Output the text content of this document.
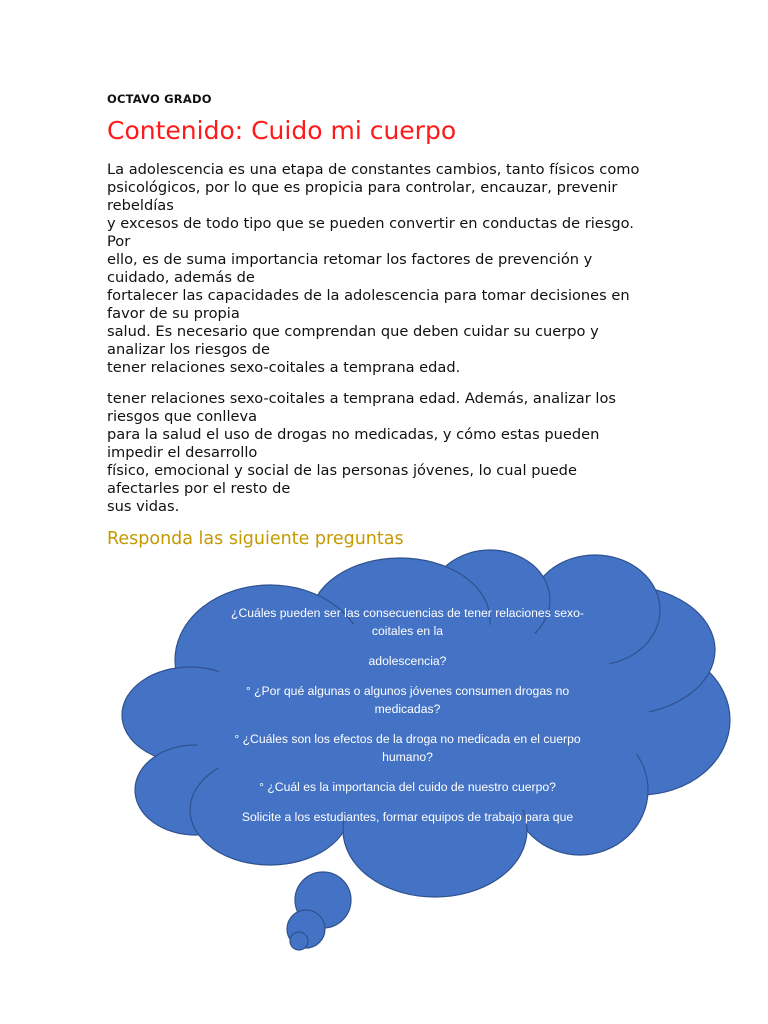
OCTAVO GRADO
Contenido: Cuido mi cuerpo
La adolescencia es una etapa de constantes cambios, tanto físicos como
psicológicos, por lo que es propicia para controlar, encauzar, prevenir
rebeldías
y excesos de todo tipo que se pueden convertir en conductas de riesgo.
Por
ello, es de suma importancia retomar los factores de prevención y
cuidado, además de
fortalecer las capacidades de la adolescencia para tomar decisiones en
favor de su propia
salud. Es necesario que comprendan que deben cuidar su cuerpo y
analizar los riesgos de
tener relaciones sexo-coitales a temprana edad.
tener relaciones sexo-coitales a temprana edad. Además, analizar los
riesgos que conlleva
para la salud el uso de drogas no medicadas, y cómo estas pueden
impedir el desarrollo
físico, emocional y social de las personas jóvenes, lo cual puede
afectarles por el resto de
sus vidas.
Responda las siguiente preguntas
¿Cuáles pueden ser las consecuencias de tener relaciones sexo-
coitales en la
adolescencia?
° ¿Por qué algunas o algunos jóvenes consumen drogas no
medicadas?
° ¿Cuáles son los efectos de la droga no medicada en el cuerpo
humano?
° ¿Cuál es la importancia del cuido de nuestro cuerpo?
Solicite a los estudiantes, formar equipos de trabajo para que
